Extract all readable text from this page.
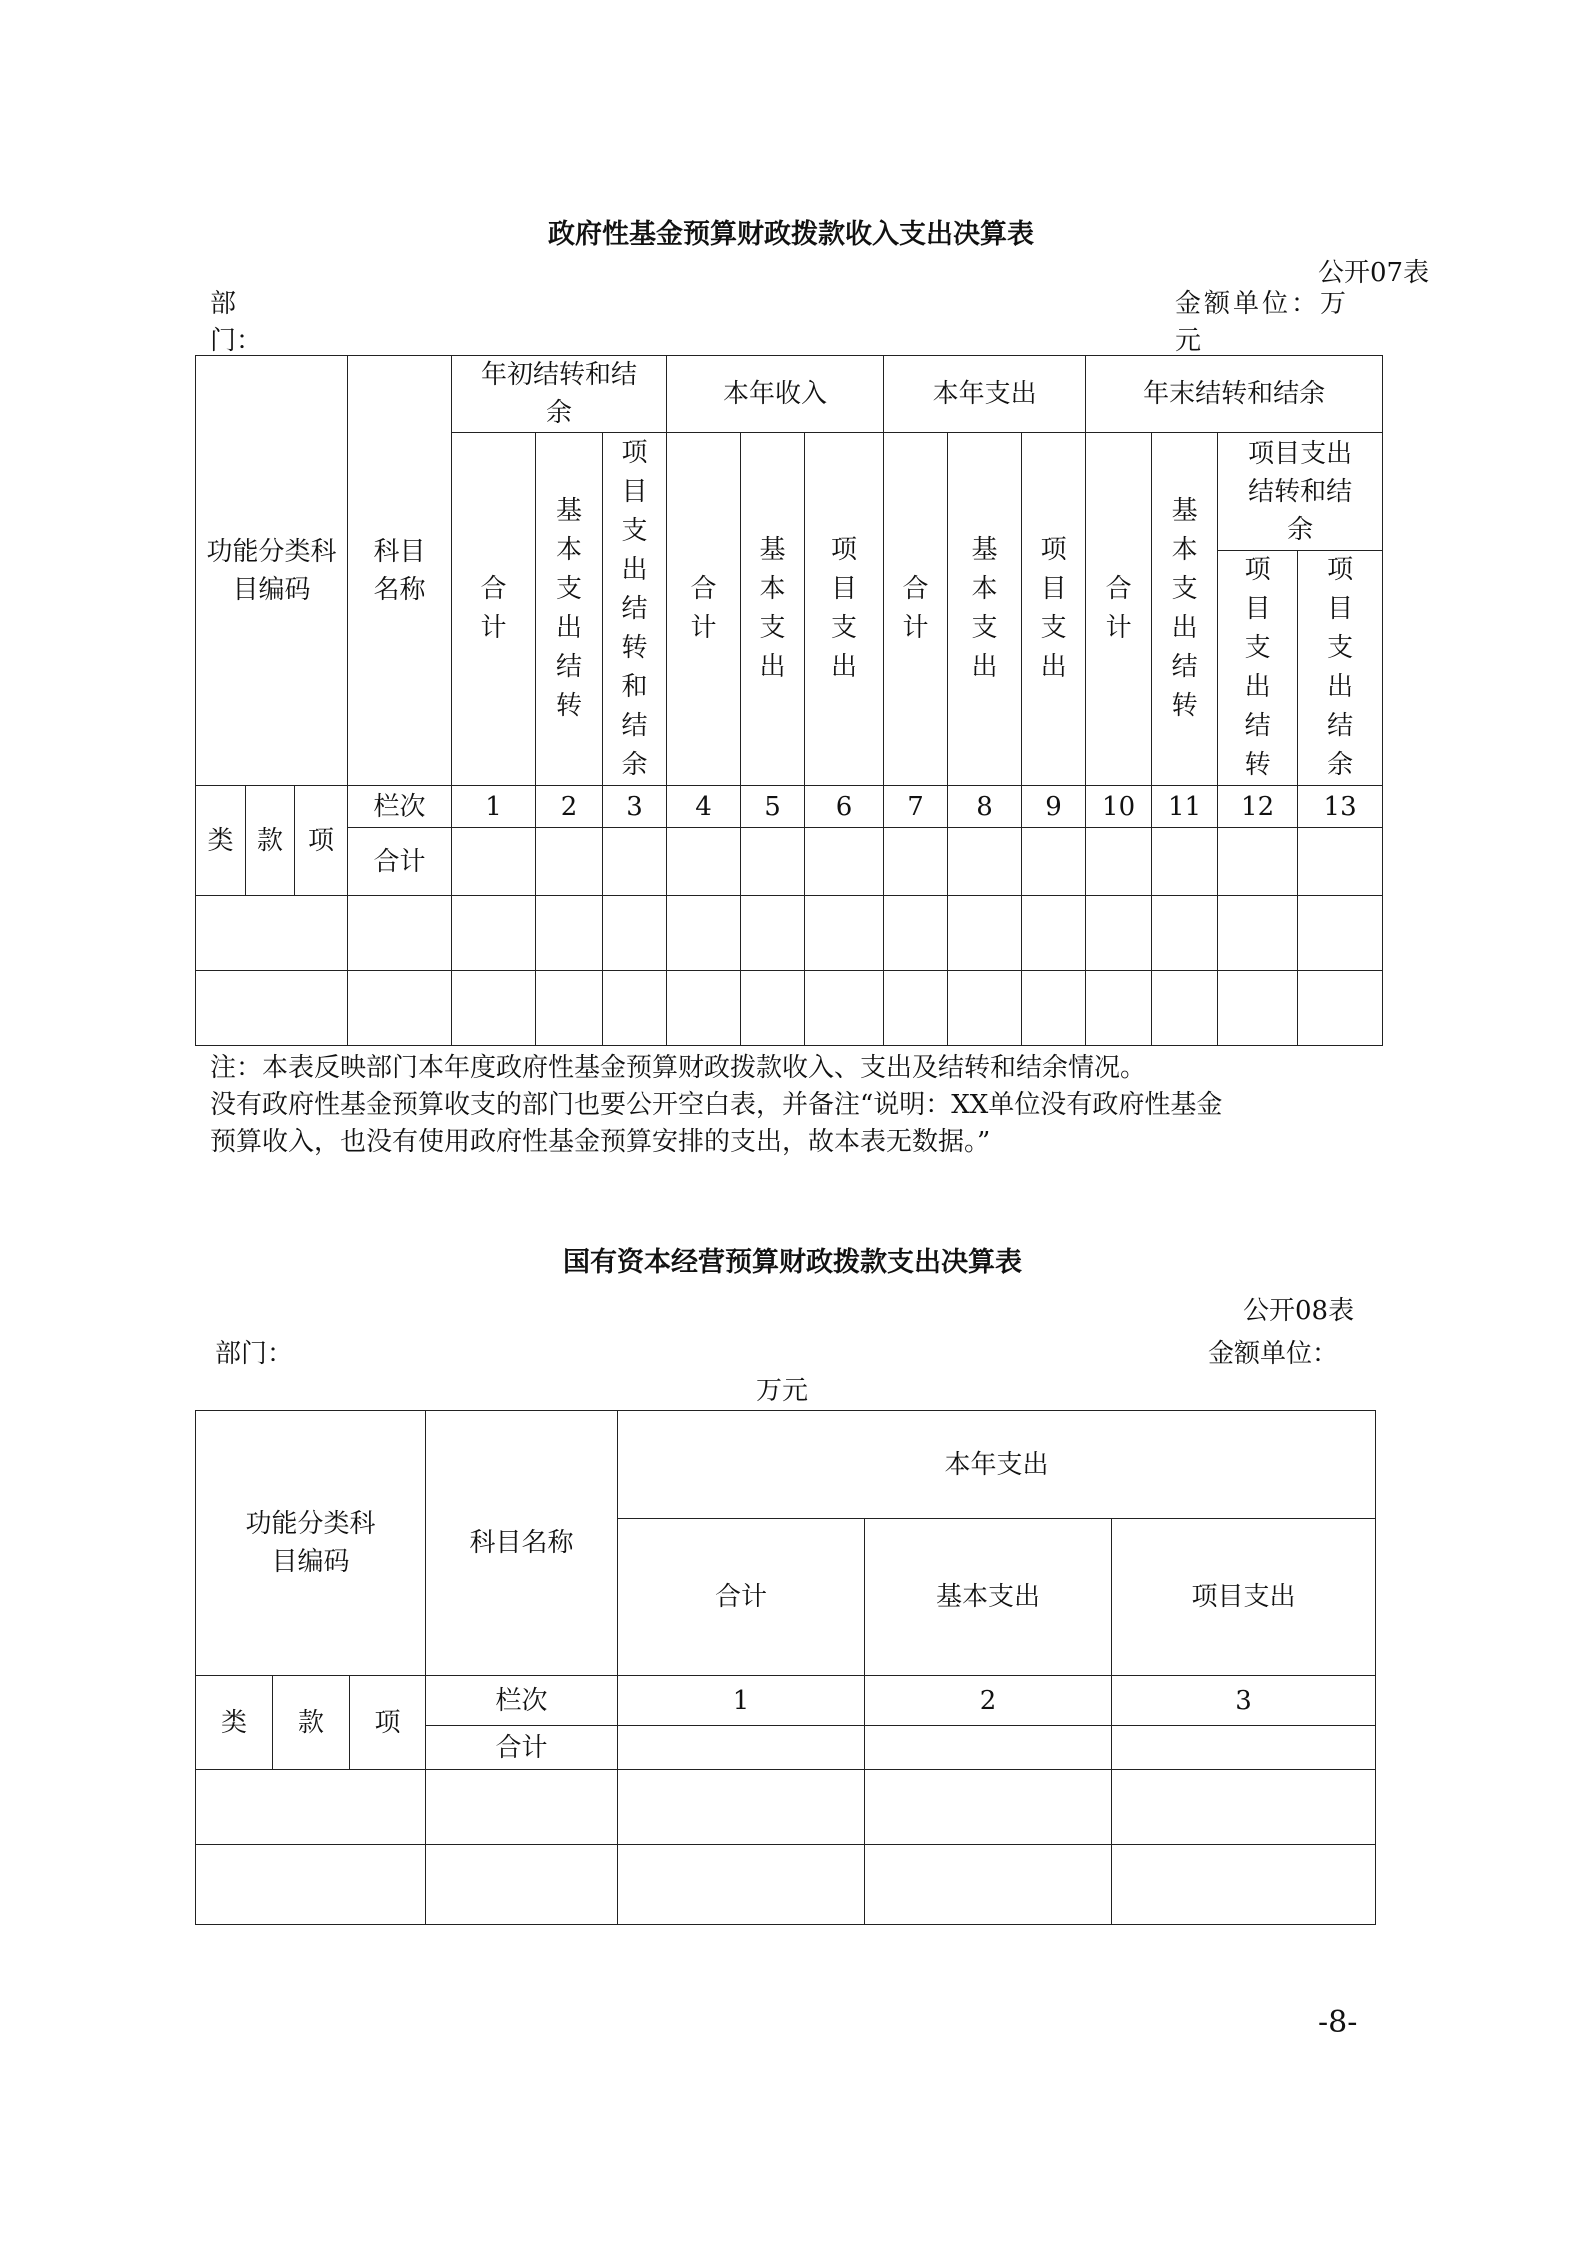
政府性基金预算财政拨款收入支出决算表
公开07表
部门：
金额单位：万元
功能分类科目编码			科目名称	年初结转和结余			本年收入			本年支出			年末结转和结余			
				合计	基本支出结转	项目支出结转和结余	合计	基本支出	项目支出	合计	基本支出	项目支出	合计	基本支出结转	项目支出结转和结余	

															项目支出结转	项目支出结余
类	款	项	栏次	1	2	3	4	5	6	7	8	9	10	11	12	13
			合计													

注：本表反映部门本年度政府性基金预算财政拨款收入、支出及结转和结余情况。
没有政府性基金预算收支的部门也要公开空白表，并备注“说明：XX单位没有政府性基金
预算收入，也没有使用政府性基金预算安排的支出，故本表无数据。”
国有资本经营预算财政拨款支出决算表
公开08表
部门：	金额单位：
万元
功能分类科目编码			科目名称	本年支出		
				合计	基本支出	项目支出
类	款	项	栏次	1	2	3
			合计			

-8-
